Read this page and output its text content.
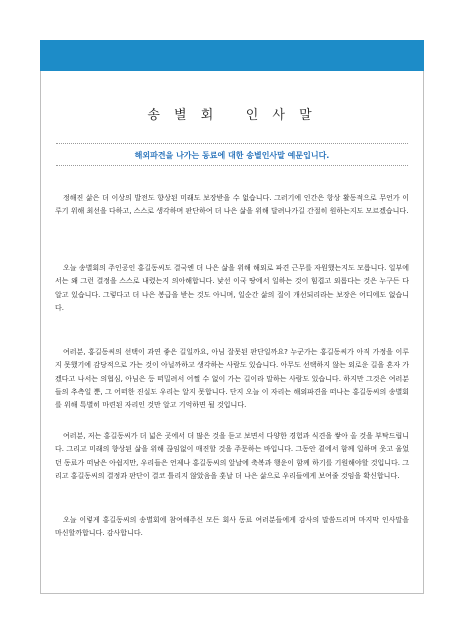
송 별 회   인 사 말
해외파견을 나가는 동료에 대한 송별인사말 예문입니다.

정해진 삶은 더 이상의 발전도 향상된 미래도 보장받을 수 없습니다. 그러기에 인간은 항상 활동적으로 무언가 이루기 위해 최선을 다하고, 스스로 생각하며 판단하여 더 나은 삶을 위해 달려나가길 간절히 원하는지도 모르겠습니다.

오늘 송별회의 주인공인 홍길동씨도 결국엔 더 나은 삶을 위해 해외로 파견 근무를 자원했는지도 모릅니다. 일부에서는 왜 그런 결정을 스스로 내렸는지 의아해합니다. 낯선 이국 땅에서 일하는 것이 힘겹고 외롭다는 것은 누구든 다 알고 있습니다. 그렇다고 더 나은 봉급을 받는 것도 아니며, 일순간 삶의 질이 개선되리라는 보장은 어디에도 없습니다.

여러분, 홍길동씨의 선택이 과연 좋은 길일까요, 아님 잘못된 판단일까요? 누군가는 홍길동씨가 아직 가정을 이루지 못했기에 감당적으로 가는 것이 아닐까하고 생각하는 사람도 있습니다. 아무도 선택하지 않는 외로운 길을 혼자 가겠다고 나서는 의협심, 아님은 등 떠밀려서 어쩔 수 없이 가는 길이라 말하는 사람도 있습니다. 하지만 그것은 여러분들의 추측일 뿐, 그 어떠한 진실도 우리는 알지 못합니다. 단지 오늘 이 자리는 해외파견을 떠나는 홍길동씨의 송별회를 위해 특별히 마련된 자리인 것만 알고 기억하면 될 것입니다.

여러분, 저는 홍길동씨가 더 넓은 곳에서 더 많은 것을 듣고 보면서 다양한 경험과 식견을 쌓아 올 것을 부탁드립니다. 그리고 미래의 향상된 삶을 위해 끊임없이 매진할 것을 주문하는 바입니다. 그동안 곁에서 함께 일하며 웃고 울었던 동료가 떠남은 아쉽지만, 우리들은 언제나 홍길동씨의 앞날에 축복과 행운이 함께 하기를 기원해야할 것입니다. 그리고 홍길동씨의 결정과 판단이 결코 틀리지 않았음을 훗날 더 나은 삶으로 우리들에게 보여줄 것임을 확신합니다.

오늘 이렇게 홍길동씨의 송별회에 참여해주신 모든 회사 동료 여러분들에게 감사의 말씀드리며 마지막 인사말을 마신할까합니다. 감사합니다.
